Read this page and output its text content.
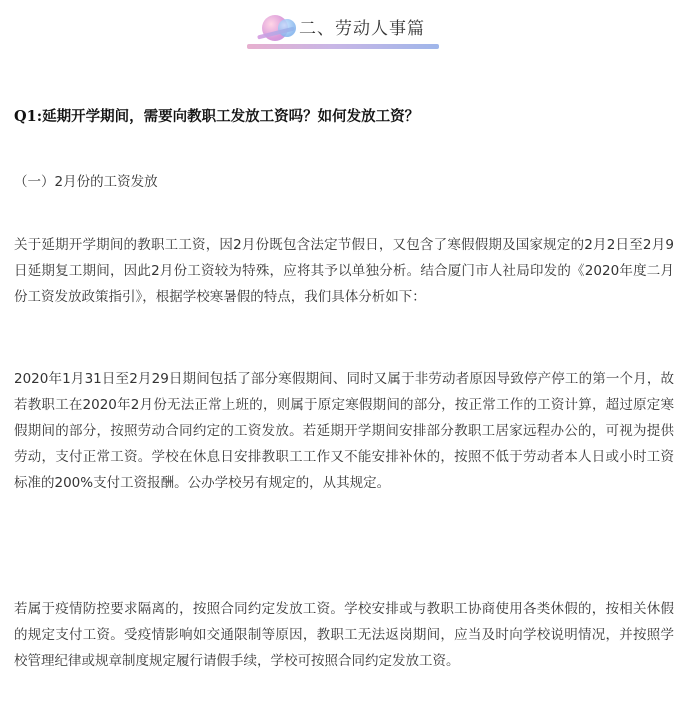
二、劳动人事篇
Q1:延期开学期间，需要向教职工发放工资吗？如何发放工资？
（一）2月份的工资发放

关于延期开学期间的教职工工资，因2月份既包含法定节假日，又包含了寒假假期及国家规定的2月2日至2月9日延期复工期间，因此2月份工资较为特殊，应将其予以单独分析。结合厦门市人社局印发的《2020年度二月份工资发放政策指引》，根据学校寒暑假的特点，我们具体分析如下：

2020年1月31日至2月29日期间包括了部分寒假期间、同时又属于非劳动者原因导致停产停工的第一个月，故若教职工在2020年2月份无法正常上班的，则属于原定寒假期间的部分，按正常工作的工资计算，超过原定寒假期间的部分，按照劳动合同约定的工资发放。若延期开学期间安排部分教职工居家远程办公的，可视为提供劳动，支付正常工资。学校在休息日安排教职工工作又不能安排补休的，按照不低于劳动者本人日或小时工资标准的200%支付工资报酬。公办学校另有规定的，从其规定。

若属于疫情防控要求隔离的，按照合同约定发放工资。学校安排或与教职工协商使用各类休假的，按相关休假的规定支付工资。受疫情影响如交通限制等原因，教职工无法返岗期间，应当及时向学校说明情况，并按照学校管理纪律或规章制度规定履行请假手续，学校可按照合同约定发放工资。
